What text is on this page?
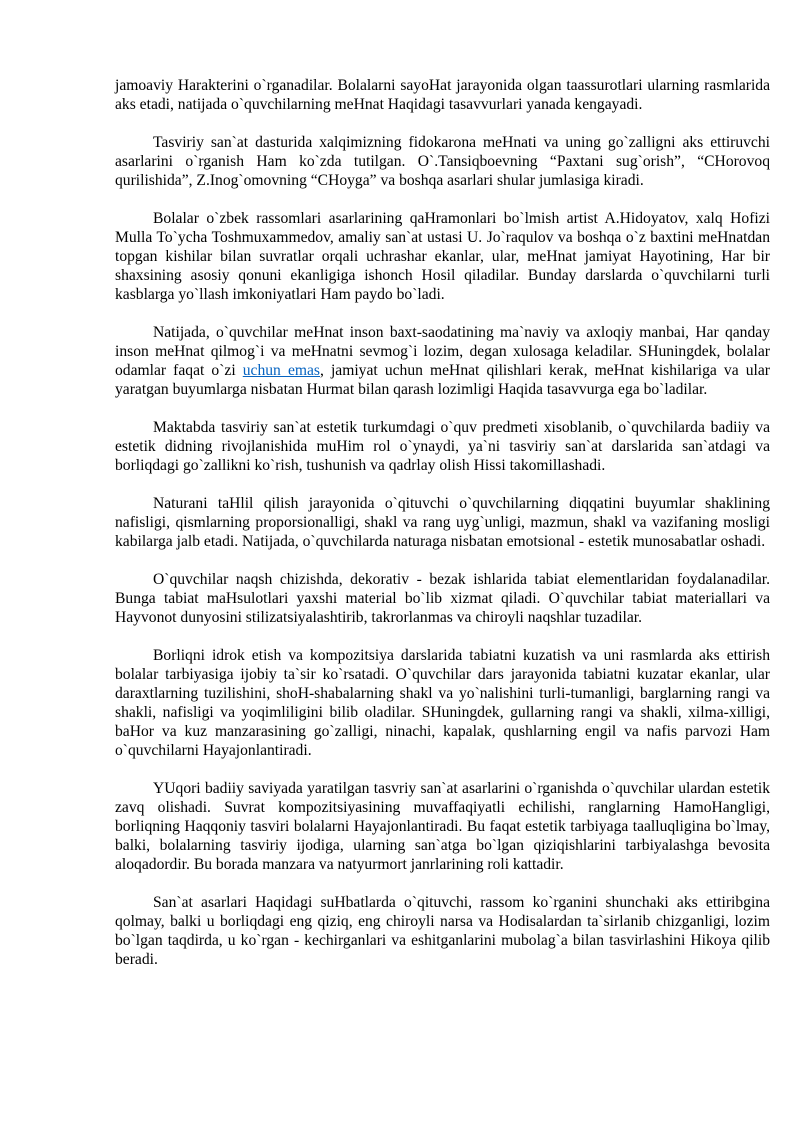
jamoaviy Harakterini o`rganadilar. Bolalarni sayoHat jarayonida olgan taassurotlari ularning rasmlarida aks etadi, natijada o`quvchilarning meHnat Haqidagi tasavvurlari yanada kengayadi.

Tasviriy san`at dasturida xalqimizning fidokarona meHnati va uning go`zalligni aks ettiruvchi asarlarini o`rganish Ham ko`zda tutilgan. O`.Tansiqboevning “Paxtani sug`orish”, “CHorovoq qurilishida”, Z.Inog`omovning “CHoyga” va boshqa asarlari shular jumlasiga kiradi.

Bolalar o`zbek rassomlari asarlarining qaHramonlari bo`lmish artist A.Hidoyatov, xalq Hofizi Mulla To`ycha Toshmuxammedov, amaliy san`at ustasi U. Jo`raqulov va boshqa o`z baxtini meHnatdan topgan kishilar bilan suvratlar orqali uchrashar ekanlar, ular, meHnat jamiyat Hayotining, Har bir shaxsining asosiy qonuni ekanligiga ishonch Hosil qiladilar. Bunday darslarda o`quvchilarni turli kasblarga yo`llash imkoniyatlari Ham paydo bo`ladi.

Natijada, o`quvchilar meHnat inson baxt-saodatining ma`naviy va axloqiy manbai, Har qanday inson meHnat qilmog`i va meHnatni sevmog`i lozim, degan xulosaga keladilar. SHuningdek, bolalar odamlar faqat o`zi uchun emas, jamiyat uchun meHnat qilishlari kerak, meHnat kishilariga va ular yaratgan buyumlarga nisbatan Hurmat bilan qarash lozimligi Haqida tasavvurga ega bo`ladilar.

Maktabda tasviriy san`at estetik turkumdagi o`quv predmeti xisoblanib, o`quvchilarda badiiy va estetik didning rivojlanishida muHim rol o`ynaydi, ya`ni tasviriy san`at darslarida san`atdagi va borliqdagi go`zallikni ko`rish, tushunish va qadrlay olish Hissi takomillashadi.

Naturani taHlil qilish jarayonida o`qituvchi o`quvchilarning diqqatini buyumlar shaklining nafisligi, qismlarning proporsionalligi, shakl va rang uyg`unligi, mazmun, shakl va vazifaning mosligi kabilarga jalb etadi. Natijada, o`quvchilarda naturaga nisbatan emotsional - estetik munosabatlar oshadi.

O`quvchilar naqsh chizishda, dekorativ - bezak ishlarida tabiat elementlaridan foydalanadilar. Bunga tabiat maHsulotlari yaxshi material bo`lib xizmat qiladi. O`quvchilar tabiat materiallari va Hayvonot dunyosini stilizatsiyalashtirib, takrorlanmas va chiroyli naqshlar tuzadilar.

Borliqni idrok etish va kompozitsiya darslarida tabiatni kuzatish va uni rasmlarda aks ettirish bolalar tarbiyasiga ijobiy ta`sir ko`rsatadi. O`quvchilar dars jarayonida tabiatni kuzatar ekanlar, ular daraxtlarning tuzilishini, shoH-shabalarning shakl va yo`nalishini turli-tumanligi, barglarning rangi va shakli, nafisligi va yoqimliligini bilib oladilar. SHuningdek, gullarning rangi va shakli, xilma-xilligi, baHor va kuz manzarasining go`zalligi, ninachi, kapalak, qushlarning engil va nafis parvozi Ham o`quvchilarni Hayajonlantiradi.

YUqori badiiy saviyada yaratilgan tasvriy san`at asarlarini o`rganishda o`quvchilar ulardan estetik zavq olishadi. Suvrat kompozitsiyasining muvaffaqiyatli echilishi, ranglarning HamoHangligi, borliqning Haqqoniy tasviri bolalarni Hayajonlantiradi. Bu faqat estetik tarbiyaga taalluqligina bo`lmay, balki, bolalarning tasviriy ijodiga, ularning san`atga bo`lgan qiziqishlarini tarbiyalashga bevosita aloqadordir. Bu borada manzara va natyurmort janrlarining roli kattadir.

San`at asarlari Haqidagi suHbatlarda o`qituvchi, rassom ko`rganini shunchaki aks ettiribgina qolmay, balki u borliqdagi eng qiziq, eng chiroyli narsa va Hodisalardan ta`sirlanib chizganligi, lozim bo`lgan taqdirda, u ko`rgan - kechirganlari va eshitganlarini mubolag`a bilan tasvirlashini Hikoya qilib beradi.
